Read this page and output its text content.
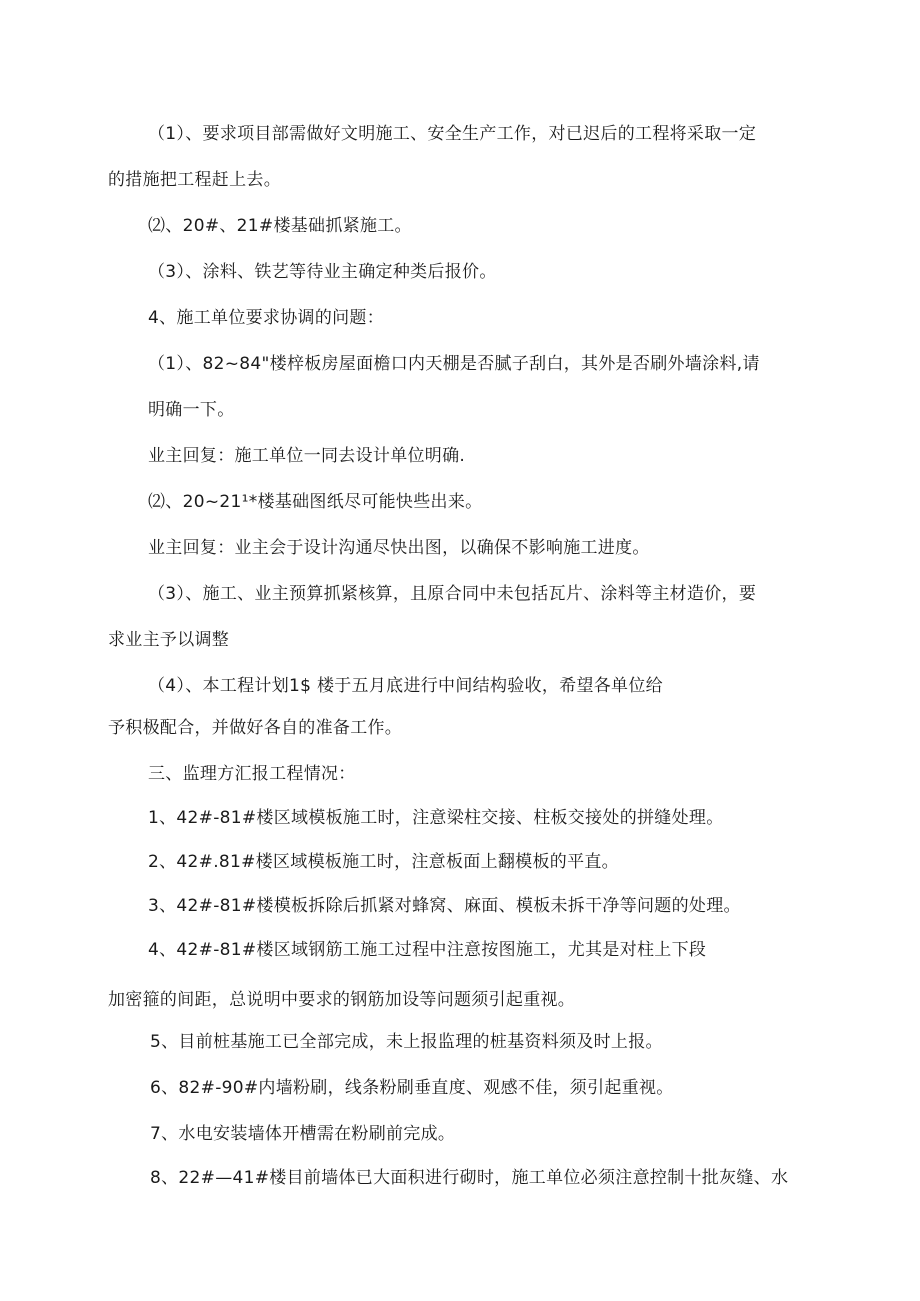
（1）、要求项目部需做好文明施工、安全生产工作，对已迟后的工程将采取一定
的措施把工程赶上去。
⑵、20#、21#楼基础抓紧施工。
（3）、涂料、铁艺等待业主确定种类后报价。
4、施工单位要求协调的问题：
（1）、82~84"楼梓板房屋面檐口内天棚是否腻子刮白，其外是否刷外墙涂料,请
明确一下。
业主回复：施工单位一同去设计单位明确.
⑵、20~21¹*楼基础图纸尽可能快些出来。
业主回复：业主会于设计沟通尽快出图，以确保不影响施工进度。
（3）、施工、业主预算抓紧核算，且原合同中未包括瓦片、涂料等主材造价，要
求业主予以调整
（4）、本工程计划1$ 楼于五月底进行中间结构验收，希望各单位给
予积极配合，并做好各自的准备工作。
三、监理方汇报工程情况：
1、42#-81#楼区域模板施工时，注意梁柱交接、柱板交接处的拼缝处理。
2、42#.81#楼区域模板施工时，注意板面上翻模板的平直。
3、42#-81#楼模板拆除后抓紧对蜂窝、麻面、模板未拆干净等问题的处理。
4、42#-81#楼区域钢筋工施工过程中注意按图施工，尤其是对柱上下段
加密箍的间距，总说明中要求的钢筋加设等问题须引起重视。
5、目前桩基施工已全部完成，未上报监理的桩基资料须及时上报。
6、82#-90#内墙粉刷，线条粉刷垂直度、观感不佳，须引起重视。
7、水电安装墙体开槽需在粉刷前完成。
8、22#—41#楼目前墙体已大面积进行砌时，施工单位必须注意控制十批灰缝、水
